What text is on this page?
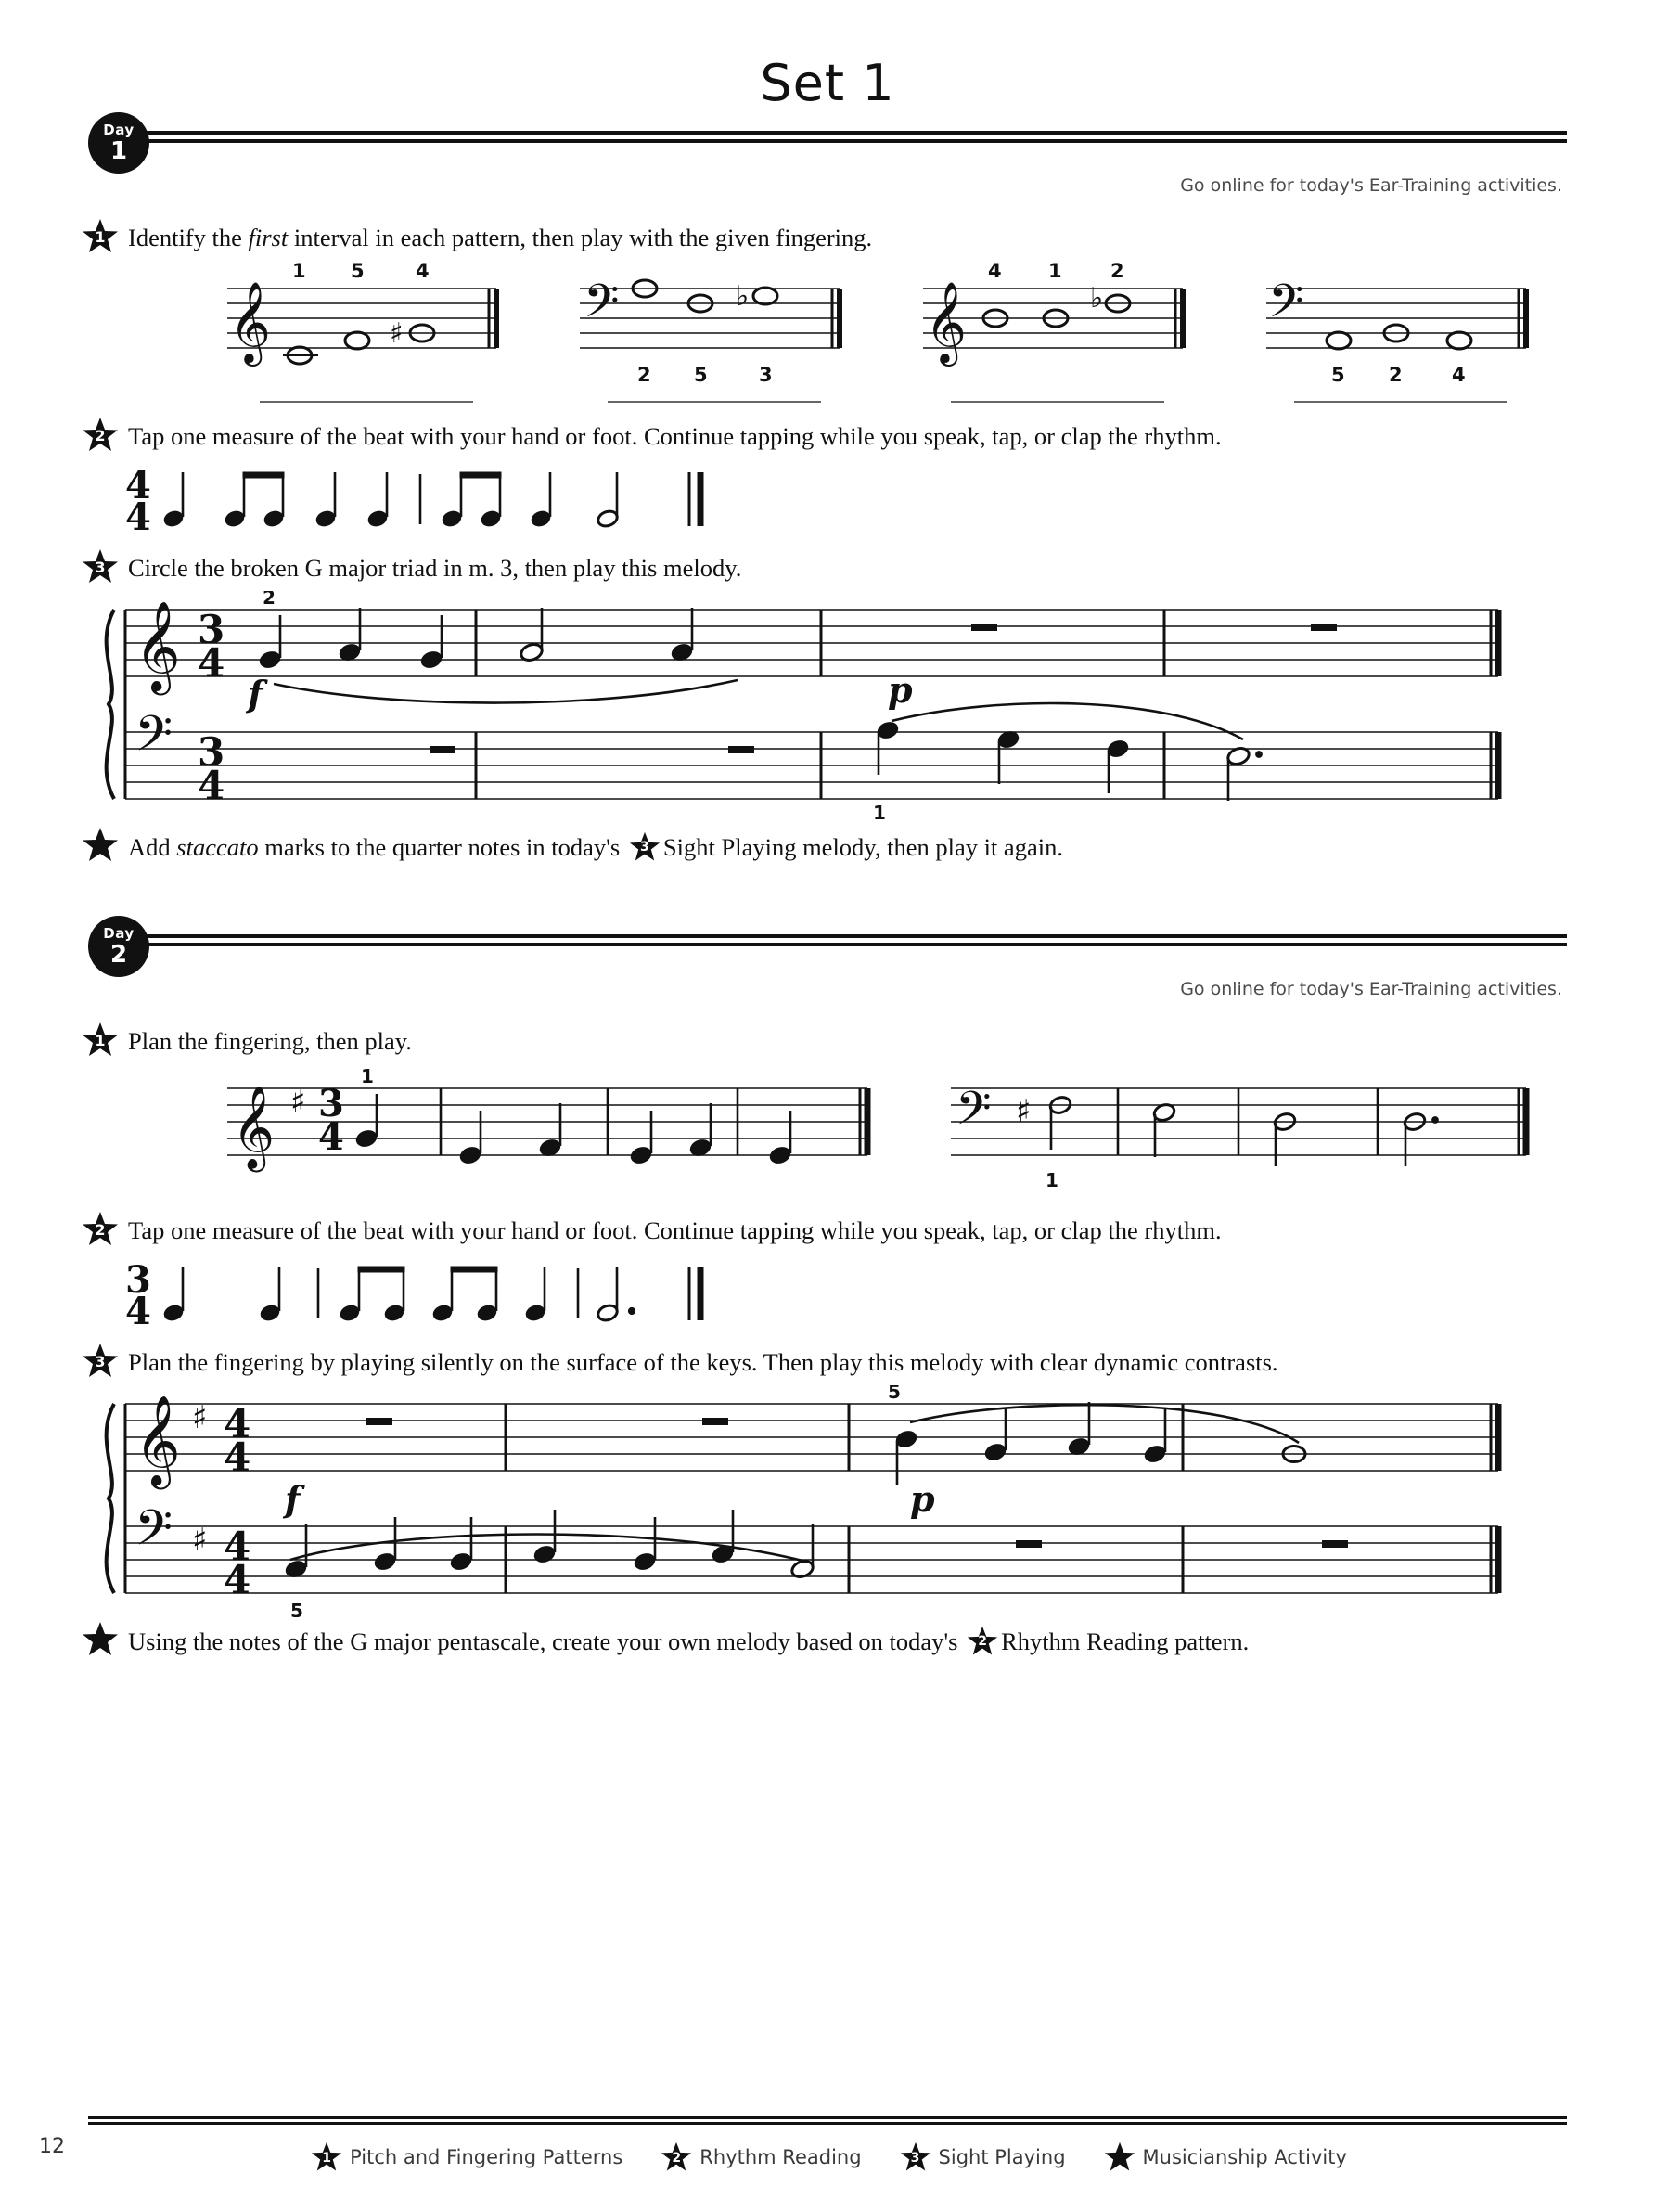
Set 1
Day
1
Go online for today's Ear-Training activities.
1 Identify the first interval in each pattern, then play with the given fingering.
𝄞	𝄢	𝄞	𝄢
♯
♭	♭
1 5	4
2 5	3
4 1 2
5 2	4
2 Tap one measure of the beat with your hand or foot. Continue tapping while you speak, tap, or clap the rhythm.
4
4
3 Circle the broken G major triad in m. 3, then play this melody.
𝄞
𝄢
3
4
3
4
f	p
2
1
Add staccato marks to the quarter notes in today's	3 Sight Playing melody, then play it again.
Day
2
Go online for today's Ear-Training activities.
1 Plan the fingering, then play.
𝄞	𝄢
♯	♯
3
4
1
1
2 Tap one measure of the beat with your hand or foot. Continue tapping while you speak, tap, or clap the rhythm.
3
4
3 Plan the fingering by playing silently on the surface of the keys. Then play this melody with clear dynamic contrasts.
𝄞
𝄢
♯
♯
4
4
4
4
5
f	p
5
Using the notes of the G major pentascale, create your own melody based on today's	2 Rhythm Reading pattern.
12	1 Pitch and Fingering Patterns	2 Rhythm Reading	3 Sight Playing	Musicianship Activity
